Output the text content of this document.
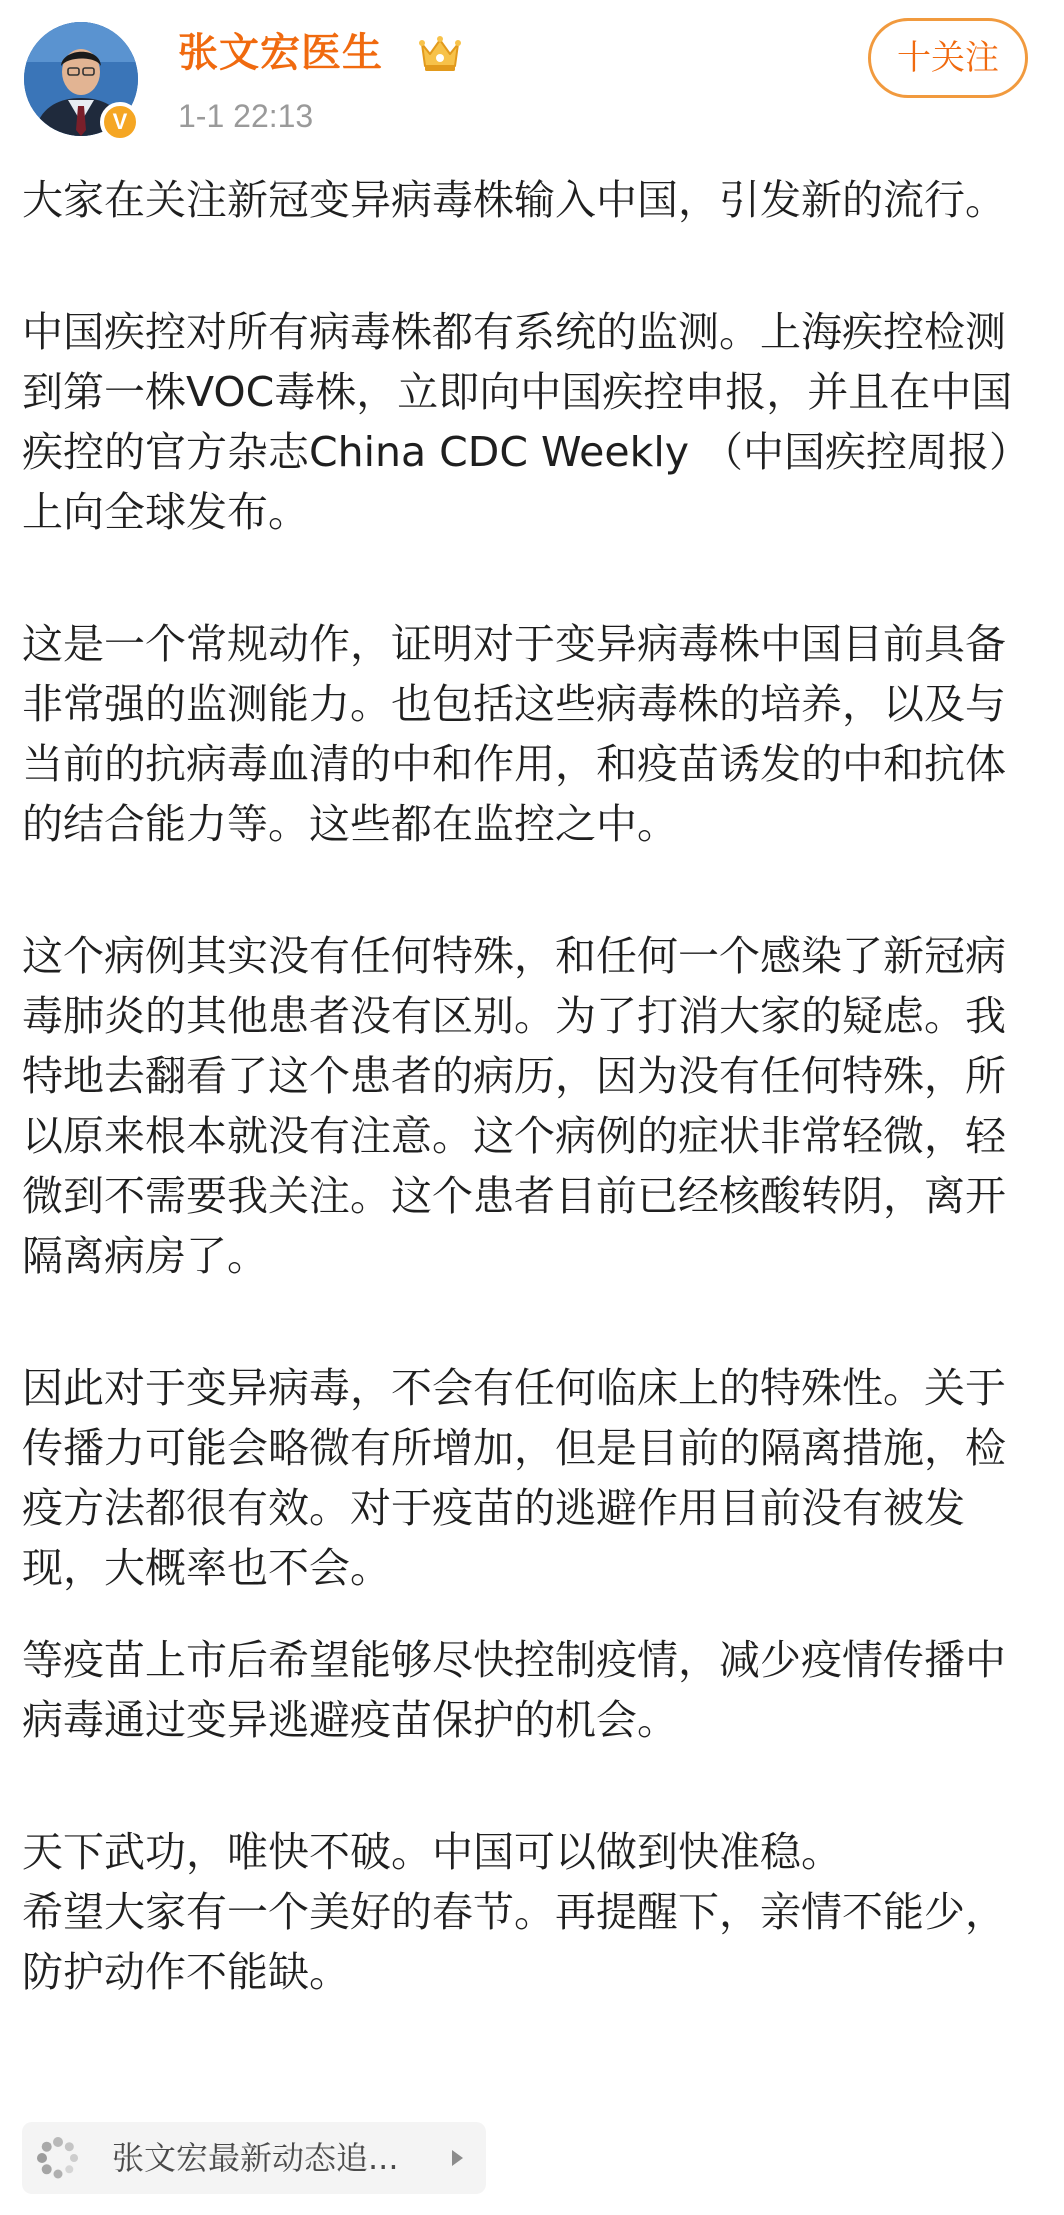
V
张文宏医生
1-1 22:13
十关注

大家在关注新冠变异病毒株输入中国，引发新的流行。

中国疾控对所有病毒株都有系统的监测。上海疾控检测到第一株VOC毒株，立即向中国疾控申报，并且在中国疾控的官方杂志China CDC Weekly （中国疾控周报）上向全球发布。

这是一个常规动作，证明对于变异病毒株中国目前具备非常强的监测能力。也包括这些病毒株的培养，以及与当前的抗病毒血清的中和作用，和疫苗诱发的中和抗体的结合能力等。这些都在监控之中。

这个病例其实没有任何特殊，和任何一个感染了新冠病毒肺炎的其他患者没有区别。为了打消大家的疑虑。我特地去翻看了这个患者的病历，因为没有任何特殊，所以原来根本就没有注意。这个病例的症状非常轻微，轻微到不需要我关注。这个患者目前已经核酸转阴，离开隔离病房了。

因此对于变异病毒，不会有任何临床上的特殊性。关于传播力可能会略微有所增加，但是目前的隔离措施，检疫方法都很有效。对于疫苗的逃避作用目前没有被发现，大概率也不会。

等疫苗上市后希望能够尽快控制疫情，减少疫情传播中病毒通过变异逃避疫苗保护的机会。

天下武功，唯快不破。中国可以做到快准稳。

希望大家有一个美好的春节。再提醒下，亲情不能少，防护动作不能缺。

张文宏最新动态追...
